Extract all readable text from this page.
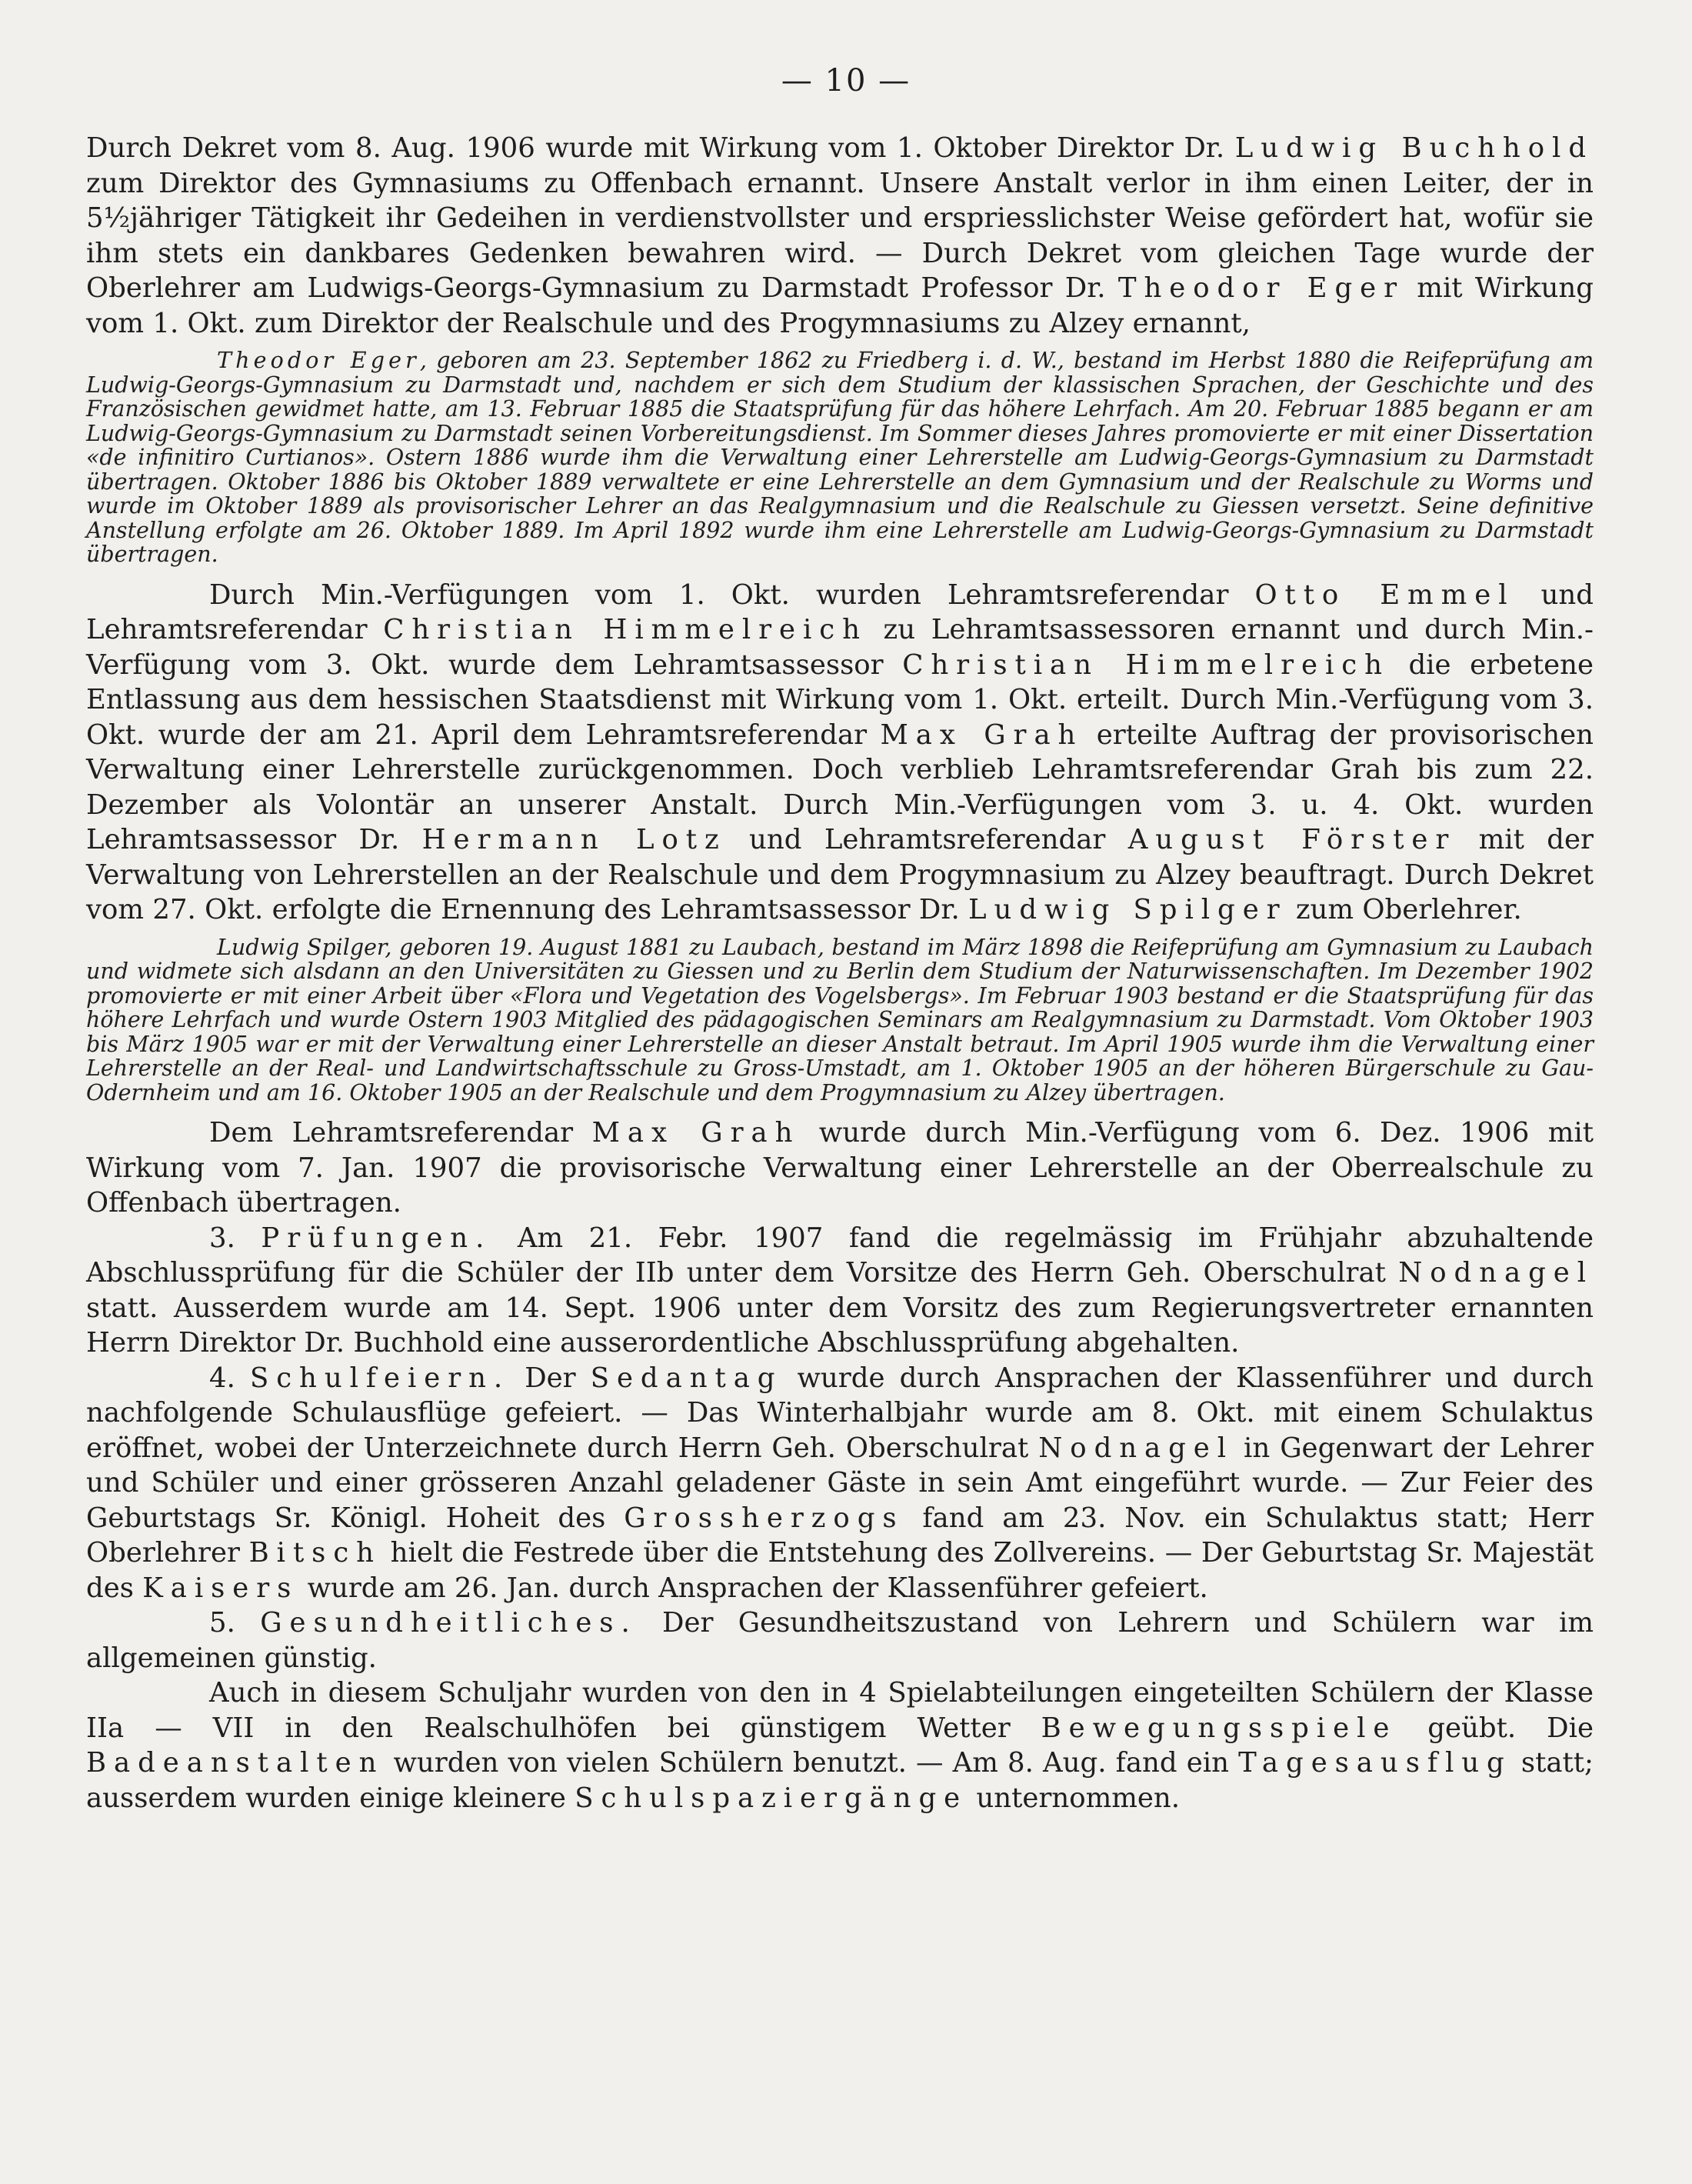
— 10 —

Durch Dekret vom 8. Aug. 1906 wurde mit Wirkung vom 1. Oktober Direktor Dr. Ludwig Buchhold zum Direktor des Gymnasiums zu Offenbach ernannt. Unsere Anstalt verlor in ihm einen Leiter, der in 5½jähriger Tätigkeit ihr Gedeihen in verdienstvollster und erspriesslichster Weise gefördert hat, wofür sie ihm stets ein dankbares Gedenken bewahren wird. — Durch Dekret vom gleichen Tage wurde der Oberlehrer am Ludwigs-Georgs-Gymnasium zu Darmstadt Professor Dr. Theodor Eger mit Wirkung vom 1. Okt. zum Direktor der Realschule und des Progymnasiums zu Alzey ernannt,

Theodor Eger, geboren am 23. September 1862 zu Friedberg i. d. W., bestand im Herbst 1880 die Reifeprüfung am Ludwig-Georgs-Gymnasium zu Darmstadt und, nachdem er sich dem Studium der klassischen Sprachen, der Geschichte und des Französischen gewidmet hatte, am 13. Februar 1885 die Staatsprüfung für das höhere Lehrfach. Am 20. Februar 1885 begann er am Ludwig-Georgs-Gymnasium zu Darmstadt seinen Vorbereitungsdienst. Im Sommer dieses Jahres promovierte er mit einer Dissertation «de infinitiro Curtianos». Ostern 1886 wurde ihm die Verwaltung einer Lehrerstelle am Ludwig-Georgs-Gymnasium zu Darmstadt übertragen. Oktober 1886 bis Oktober 1889 verwaltete er eine Lehrerstelle an dem Gymnasium und der Realschule zu Worms und wurde im Oktober 1889 als provisorischer Lehrer an das Realgymnasium und die Realschule zu Giessen versetzt. Seine definitive Anstellung erfolgte am 26. Oktober 1889. Im April 1892 wurde ihm eine Lehrerstelle am Ludwig-Georgs-Gymnasium zu Darmstadt übertragen.

Durch Min.-Verfügungen vom 1. Okt. wurden Lehramtsreferendar Otto Emmel und Lehramtsreferendar Christian Himmelreich zu Lehramtsassessoren ernannt und durch Min.-Verfügung vom 3. Okt. wurde dem Lehramtsassessor Christian Himmelreich die erbetene Entlassung aus dem hessischen Staatsdienst mit Wirkung vom 1. Okt. erteilt. Durch Min.-Verfügung vom 3. Okt. wurde der am 21. April dem Lehramtsreferendar Max Grah erteilte Auftrag der provisorischen Verwaltung einer Lehrerstelle zurückgenommen. Doch verblieb Lehramtsreferendar Grah bis zum 22. Dezember als Volontär an unserer Anstalt. Durch Min.-Verfügungen vom 3. u. 4. Okt. wurden Lehramtsassessor Dr. Hermann Lotz und Lehramtsreferendar August Förster mit der Verwaltung von Lehrerstellen an der Realschule und dem Progymnasium zu Alzey beauftragt. Durch Dekret vom 27. Okt. erfolgte die Ernennung des Lehramtsassessor Dr. Ludwig Spilger zum Oberlehrer.

Ludwig Spilger, geboren 19. August 1881 zu Laubach, bestand im März 1898 die Reifeprüfung am Gymnasium zu Laubach und widmete sich alsdann an den Universitäten zu Giessen und zu Berlin dem Studium der Naturwissenschaften. Im Dezember 1902 promovierte er mit einer Arbeit über «Flora und Vegetation des Vogelsbergs». Im Februar 1903 bestand er die Staatsprüfung für das höhere Lehrfach und wurde Ostern 1903 Mitglied des pädagogischen Seminars am Realgymnasium zu Darmstadt. Vom Oktober 1903 bis März 1905 war er mit der Verwaltung einer Lehrerstelle an dieser Anstalt betraut. Im April 1905 wurde ihm die Verwaltung einer Lehrerstelle an der Real- und Landwirtschaftsschule zu Gross-Umstadt, am 1. Oktober 1905 an der höheren Bürgerschule zu Gau-Odernheim und am 16. Oktober 1905 an der Realschule und dem Progymnasium zu Alzey übertragen.

Dem Lehramtsreferendar Max Grah wurde durch Min.-Verfügung vom 6. Dez. 1906 mit Wirkung vom 7. Jan. 1907 die provisorische Verwaltung einer Lehrerstelle an der Oberrealschule zu Offenbach übertragen.

3. Prüfungen. Am 21. Febr. 1907 fand die regelmässig im Frühjahr abzuhaltende Abschlussprüfung für die Schüler der IIb unter dem Vorsitze des Herrn Geh. Oberschulrat Nodnagel statt. Ausserdem wurde am 14. Sept. 1906 unter dem Vorsitz des zum Regierungsvertreter ernannten Herrn Direktor Dr. Buchhold eine ausserordentliche Abschlussprüfung abgehalten.

4. Schulfeiern. Der Sedantag wurde durch Ansprachen der Klassenführer und durch nachfolgende Schulausflüge gefeiert. — Das Winterhalbjahr wurde am 8. Okt. mit einem Schulaktus eröffnet, wobei der Unterzeichnete durch Herrn Geh. Oberschulrat Nodnagel in Gegenwart der Lehrer und Schüler und einer grösseren Anzahl geladener Gäste in sein Amt eingeführt wurde. — Zur Feier des Geburtstags Sr. Königl. Hoheit des Grossherzogs fand am 23. Nov. ein Schulaktus statt; Herr Oberlehrer Bitsch hielt die Festrede über die Entstehung des Zollvereins. — Der Geburtstag Sr. Majestät des Kaisers wurde am 26. Jan. durch Ansprachen der Klassenführer gefeiert.

5. Gesundheitliches. Der Gesundheitszustand von Lehrern und Schülern war im allgemeinen günstig.

Auch in diesem Schuljahr wurden von den in 4 Spielabteilungen eingeteilten Schülern der Klasse IIa — VII in den Realschulhöfen bei günstigem Wetter Bewegungsspiele geübt. Die Badeanstalten wurden von vielen Schülern benutzt. — Am 8. Aug. fand ein Tagesausflug statt; ausserdem wurden einige kleinere Schulspaziergänge unternommen.
